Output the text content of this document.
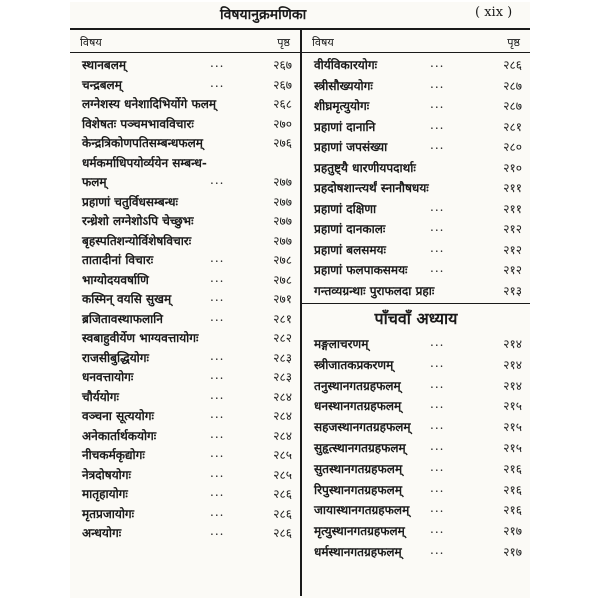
विषयानुक्रमणिका	( xix )
विषय	पृष्ठ
स्थानबलम्	...	२६७
चन्द्रबलम्	...	२६७
लग्नेशस्य धनेशादिभिर्योगे फलम्	२६८
विशेषतः पञ्चमभावविचारः	२७०
केन्द्रत्रिकोणपतिसम्बन्धफलम्	२७६
धर्मकर्माधिपयोर्व्ययेन सम्बन्ध-
फलम्	...	२७७
प्रहाणां चतुर्विधसम्बन्धः	२७७
रन्ध्रेशो लग्नेशोऽपि चेच्छुभः	२७७
बृहस्पतिशन्योर्विशेषविचारः	२७७
तातादीनां विचारः	...	२७८
भाग्योदयवर्षाणि	...	२७८
कस्मिन् वयसि सुखम्	...	२७१
ब्रजितावस्थाफलानि	...	२८१
स्वबाहुवीर्येण भाग्यवत्तायोगः	२८२
राजसीबुद्धियोगः	...	२८३
धनवत्तायोगः	...	२८३
चौर्ययोगः	...	२८४
वञ्चना सूत्ययोगः	...	२८४
अनेकार्तार्थकयोगः	...	२८४
नीचकर्मकृद्योगः	...	२८५
नेत्रदोषयोगः	...	२८५
मातृहायोगः	...	२८६
मृतप्रजायोगः	...	२८६
अन्धयोगः	...	२८६
विषय	पृष्ठ
वीर्यविकारयोगः	...	२८६
स्त्रीसौख्ययोगः	...	२८७
शीघ्रमृत्युयोगः	...	२८७
प्रहाणां दानानि	...	२८१
प्रहाणां जपसंख्या	...	२८०
प्रहतुष्ट्यै धारणीयपदार्थाः	२१०
प्रहदोषशान्त्यर्थं स्नानौषधयः	२११
प्रहाणां दक्षिणा	...	२११
प्रहाणां दानकालः	...	२१२
प्रहाणां बलसमयः	...	२१२
प्रहाणां फलपाकसमयः ...	२१२
गन्तव्यग्रन्थाः पुराफलदा प्रहाः	२१३
पाँचवाँ अध्याय
मङ्गलाचरणम्	...	२१४
स्त्रीजातकप्रकरणम्	...	२१४
तनुस्थानगतग्रहफलम् ...	२१४
धनस्थानगतग्रहफलम् ...	२१५
सहजस्थानगतग्रहफलम् ...	२१५
सुहृत्स्थानगतग्रहफलम् ...	२१५
सुतस्थानगतग्रहफलम् ...	२१६
रिपुस्थानगतग्रहफलम् ...	२१६
जायास्थानगतग्रहफलम् ...	२१६
मृत्युस्थानगतग्रहफलम् ...	२१७
धर्मस्थानगतग्रहफलम् ...	२१७
